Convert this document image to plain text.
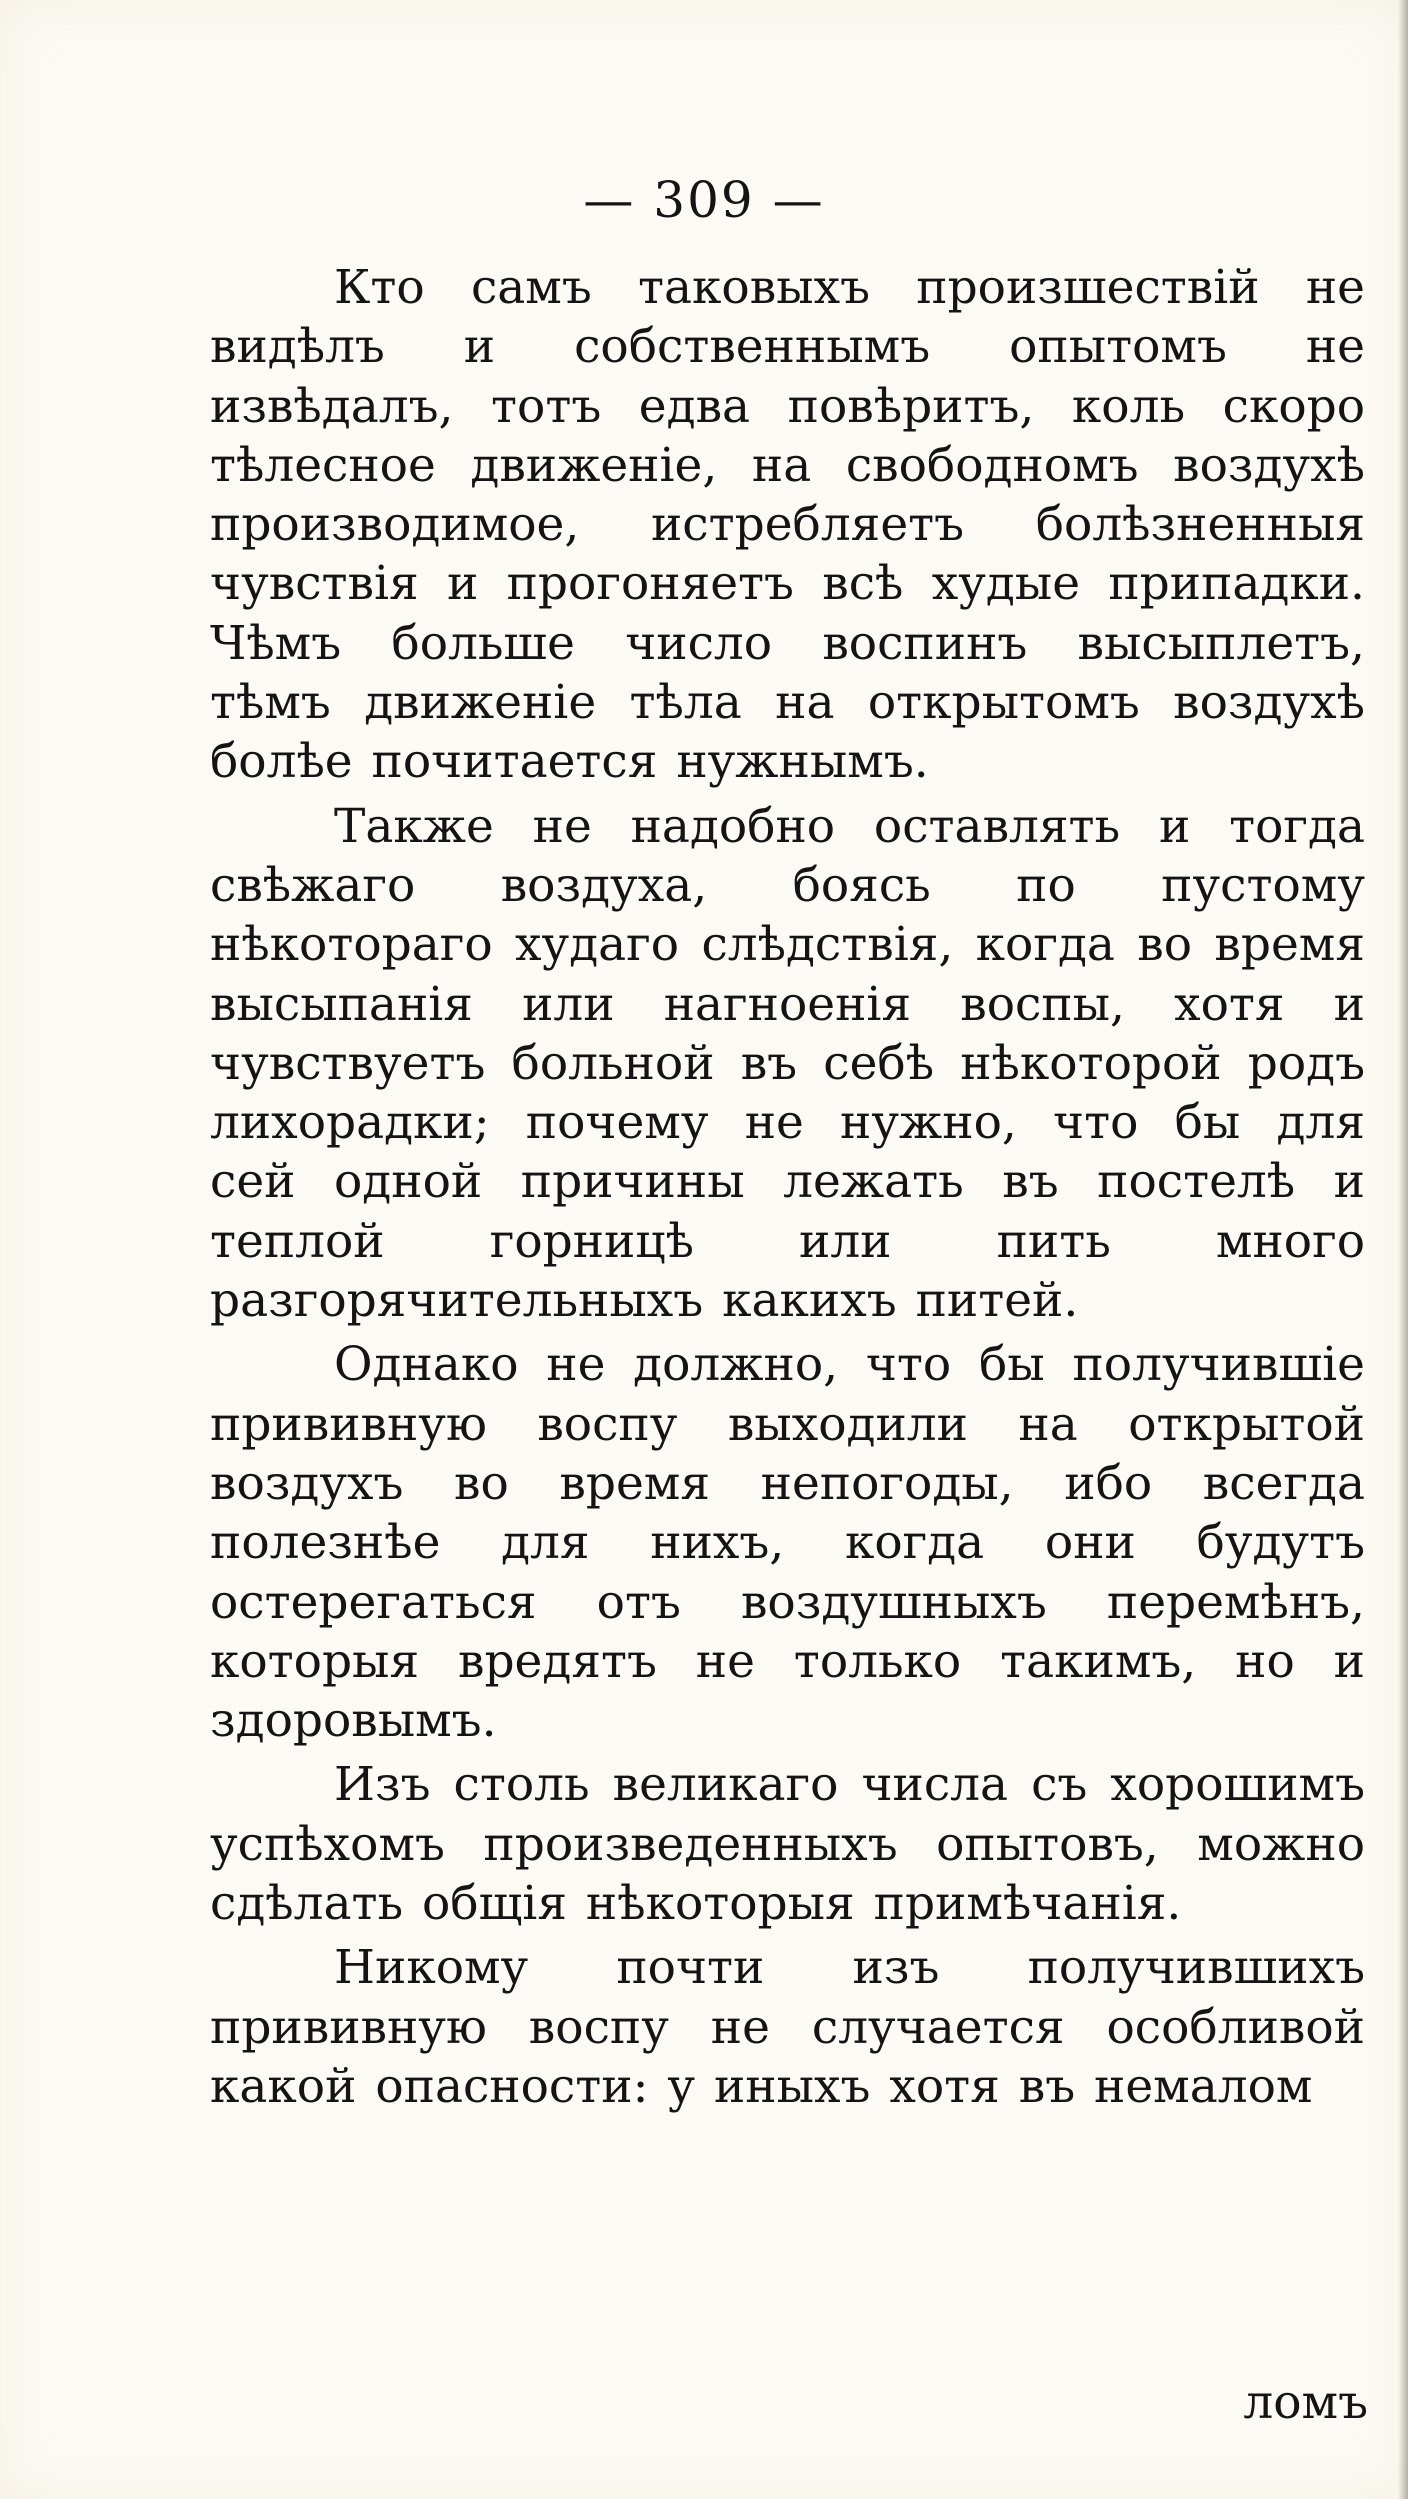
— 309 —

Кто самъ таковыхъ произшествій не видѣлъ и собственнымъ опытомъ не извѣдалъ, тотъ едва повѣритъ, коль скоро тѣлесное движеніе, на свободномъ воздухѣ производимое, истребляетъ болѣзненныя чувствія и прогоняетъ всѣ худые припадки. Чѣмъ больше число воспинъ высыплетъ, тѣмъ движеніе тѣла на открытомъ воздухѣ болѣе почитается нужнымъ.

Также не надобно оставлять и тогда свѣжаго воздуха, боясь по пустому нѣкотораго худаго слѣдствія, когда во время высыпанія или нагноенія воспы, хотя и чувствуетъ больной въ себѣ нѣкоторой родъ лихорадки; почему не нужно, что бы для сей одной причины лежать въ постелѣ и теплой горницѣ или пить много разгорячительныхъ какихъ питей.

Однако не должно, что бы получившіе прививную воспу выходили на открытой воздухъ во время непогоды, ибо всегда полезнѣе для нихъ, когда они будутъ остерегаться отъ воздушныхъ перемѣнъ, которыя вредятъ не только такимъ, но и здоровымъ.

Изъ столь великаго числа съ хорошимъ успѣхомъ произведенныхъ опытовъ, можно сдѣлать общія нѣкоторыя примѣчанія.

Никому почти изъ получившихъ прививную воспу не случается особливой какой опасности: у иныхъ хотя въ немалом

ломъ
